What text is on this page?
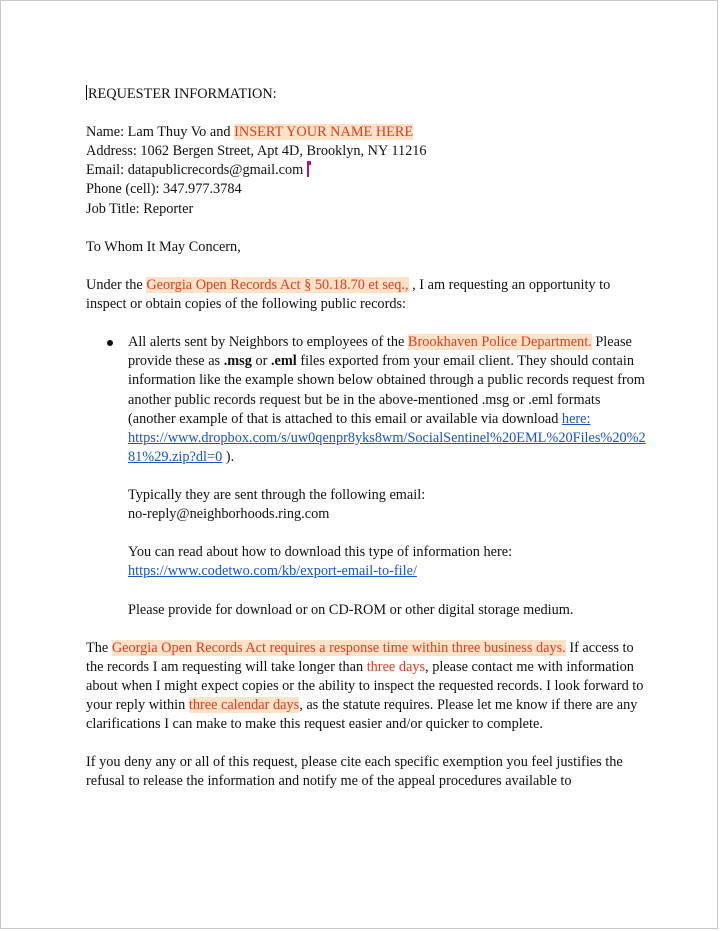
REQUESTER INFORMATION:

Name: Lam Thuy Vo and INSERT YOUR NAME HERE

Address: 1062 Bergen Street, Apt 4D, Brooklyn, NY 11216

Email: datapublicrecords@gmail.com

Phone (cell): 347.977.3784

Job Title: Reporter

To Whom It May Concern,

Under the Georgia Open Records Act § 50.18.70 et seq., , I am requesting an opportunity to inspect or obtain copies of the following public records:

All alerts sent by Neighbors to employees of the Brookhaven Police Department. Please provide these as .msg or .eml files exported from your email client. They should contain information like the example shown below obtained through a public records request from another public records request but be in the above-mentioned .msg or .eml formats (another example of that is attached to this email or available via download here:
https://www.dropbox.com/s/uw0qenpr8yks8wm/SocialSentinel%20EML%20Files%20%281%29.zip?dl=0 ).

Typically they are sent through the following email:

no-reply@neighborhoods.ring.com

You can read about how to download this type of information here:

https://www.codetwo.com/kb/export-email-to-file/

Please provide for download or on CD-ROM or other digital storage medium.

The Georgia Open Records Act requires a response time within three business days. If access to the records I am requesting will take longer than three days, please contact me with information about when I might expect copies or the ability to inspect the requested records. I look forward to your reply within three calendar days, as the statute requires. Please let me know if there are any clarifications I can make to make this request easier and/or quicker to complete.

If you deny any or all of this request, please cite each specific exemption you feel justifies the refusal to release the information and notify me of the appeal procedures available to
